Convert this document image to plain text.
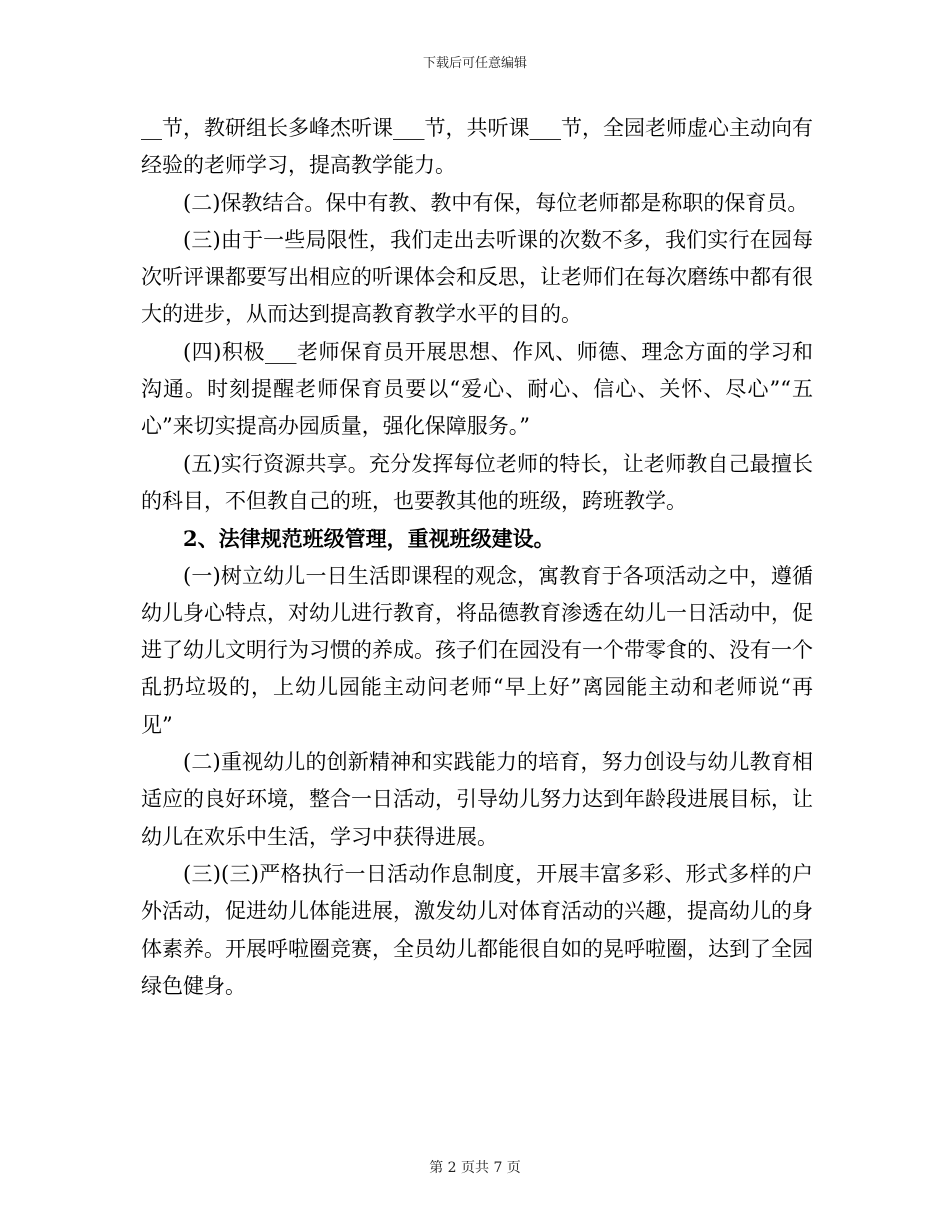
下载后可任意编辑

__节，教研组长多峰杰听课___节，共听课___节，全园老师虚心主动向有经验的老师学习，提高教学能力。

(二)保教结合。保中有教、教中有保，每位老师都是称职的保育员。

(三)由于一些局限性，我们走出去听课的次数不多，我们实行在园每次听评课都要写出相应的听课体会和反思，让老师们在每次磨练中都有很大的进步，从而达到提高教育教学水平的目的。

(四)积极___老师保育员开展思想、作风、师德、理念方面的学习和沟通。时刻提醒老师保育员要以“爱心、耐心、信心、关怀、尽心”“五心”来切实提高办园质量，强化保障服务。”

(五)实行资源共享。充分发挥每位老师的特长，让老师教自己最擅长的科目，不但教自己的班，也要教其他的班级，跨班教学。

2、法律规范班级管理，重视班级建设。

(一)树立幼儿一日生活即课程的观念，寓教育于各项活动之中，遵循幼儿身心特点，对幼儿进行教育，将品德教育渗透在幼儿一日活动中，促进了幼儿文明行为习惯的养成。孩子们在园没有一个带零食的、没有一个乱扔垃圾的，上幼儿园能主动问老师“早上好”离园能主动和老师说“再见”

(二)重视幼儿的创新精神和实践能力的培育，努力创设与幼儿教育相适应的良好环境，整合一日活动，引导幼儿努力达到年龄段进展目标，让幼儿在欢乐中生活，学习中获得进展。

(三)(三)严格执行一日活动作息制度，开展丰富多彩、形式多样的户外活动，促进幼儿体能进展，激发幼儿对体育活动的兴趣，提高幼儿的身体素养。开展呼啦圈竞赛，全员幼儿都能很自如的晃呼啦圈，达到了全园绿色健身。

第 2 页共 7 页
